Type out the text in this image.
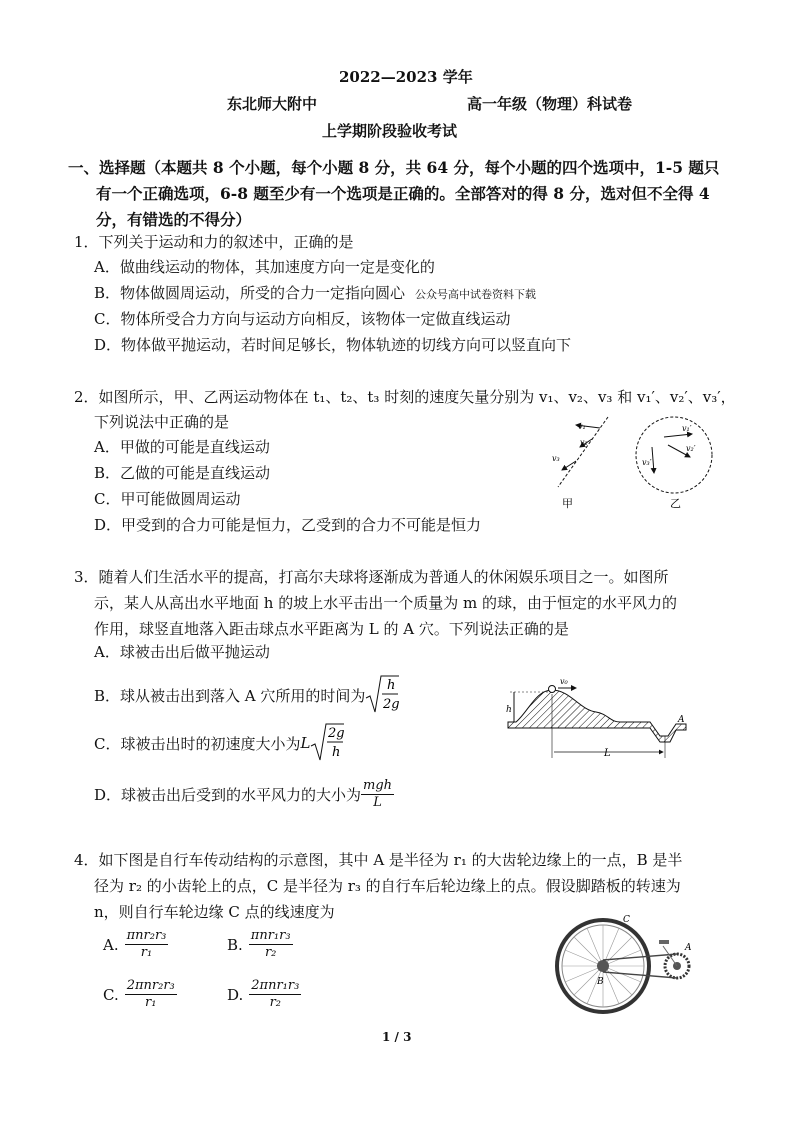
2022—2023 学年
东北师大附中	高一年级（物理）科试卷
上学期阶段验收考试
一、选择题（本题共 8 个小题，每个小题 8 分，共 64 分，每个小题的四个选项中，1-5 题只
有一个正确选项，6-8 题至少有一个选项是正确的。全部答对的得 8 分，选对但不全得 4
分，有错选的不得分）
1．下列关于运动和力的叙述中，正确的是
A．做曲线运动的物体，其加速度方向一定是变化的
B．物体做圆周运动，所受的合力一定指向圆心 公众号高中试卷资料下载
C．物体所受合力方向与运动方向相反，该物体一定做直线运动
D．物体做平抛运动，若时间足够长，物体轨迹的切线方向可以竖直向下
2．如图所示，甲、乙两运动物体在 t₁、t₂、t₃ 时刻的速度矢量分别为 v₁、v₂、v₃ 和 v₁′、v₂′、v₃′，
下列说法中正确的是
A．甲做的可能是直线运动
B．乙做的可能是直线运动
C．甲可能做圆周运动
D．甲受到的合力可能是恒力，乙受到的合力不可能是恒力
v₁
v₂
v₃
甲
v₁′
v₂′
v₃′
乙
3．随着人们生活水平的提高，打高尔夫球将逐渐成为普通人的休闲娱乐项目之一。如图所
示，某人从高出水平地面 h 的坡上水平击出一个质量为 m 的球，由于恒定的水平风力的
作用，球竖直地落入距击球点水平距离为 L 的 A 穴。下列说法正确的是
A．球被击出后做平抛运动
B．球从被击出到落入 A 穴所用的时间为
h
2g
C．球被击出时的初速度大小为 L
2g
h
D．球被击出后受到的水平风力的大小为 $\frac{\text{mgh}}{L}$
v₀
h
L
A
4．如下图是自行车传动结构的示意图，其中 A 是半径为 r₁ 的大齿轮边缘上的一点，B 是半
径为 r₂ 的小齿轮上的点，C 是半径为 r₃ 的自行车后轮边缘上的点。假设脚踏板的转速为
n，则自行车轮边缘 C 点的线速度为
A. $\frac{\text{πnr₂r₃}}{\text{r₁}}$	B. $\frac{\text{πnr₁r₃}}{\text{r₂}}$
C. $\frac{\text{2πnr₂r₃}}{\text{r₁}}$	D. $\frac{\text{2πnr₁r₃}}{\text{r₂}}$
C
A
B
1 / 3
